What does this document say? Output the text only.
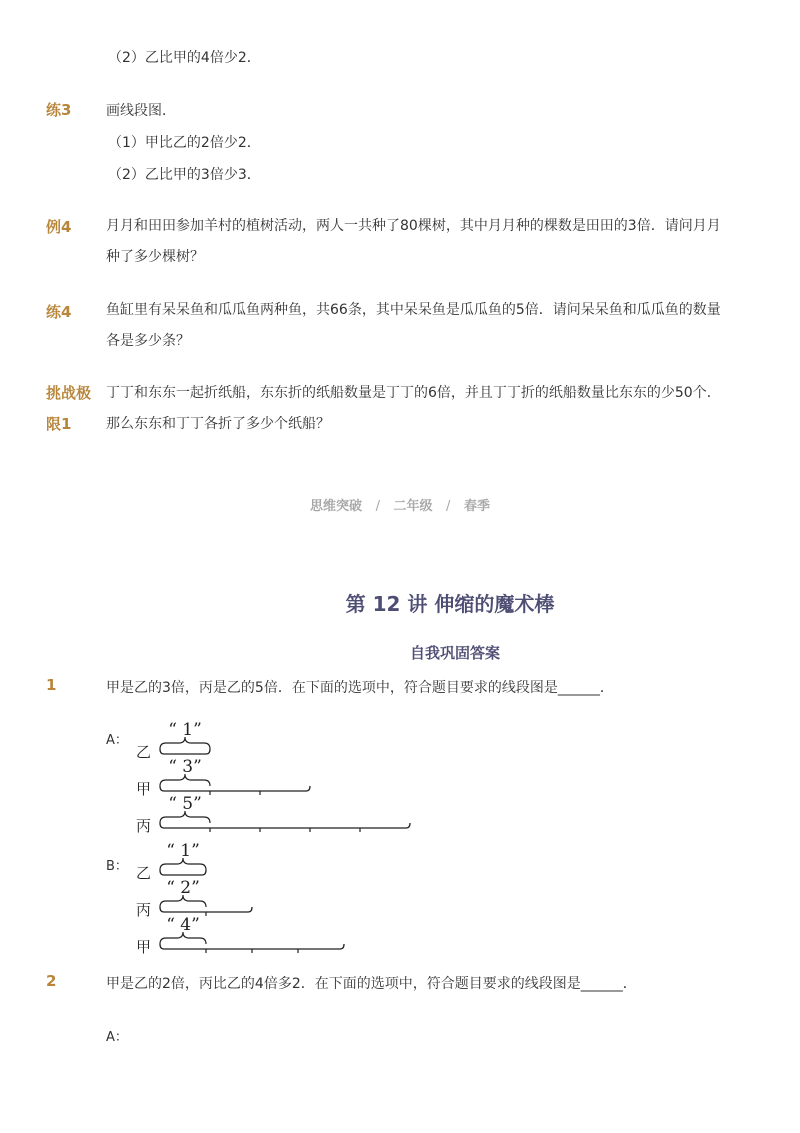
（2）乙比甲的4倍少2．
练3 画线段图．
（1）甲比乙的2倍少2．
（2）乙比甲的3倍少3．
例4 月月和田田参加羊村的植树活动，两人一共种了80棵树，其中月月种的棵数是田田的3倍．请问月月种了多少棵树？
练4 鱼缸里有呆呆鱼和瓜瓜鱼两种鱼，共66条，其中呆呆鱼是瓜瓜鱼的5倍．请问呆呆鱼和瓜瓜鱼的数量各是多少条？
挑战极限1
丁丁和东东一起折纸船，东东折的纸船数量是丁丁的6倍，并且丁丁折的纸船数量比东东的少50个．那么东东和丁丁各折了多少个纸船？
思维突破 / 二年级 / 春季
第 12 讲 伸缩的魔术棒
自我巩固答案
1	甲是乙的3倍，丙是乙的5倍．在下面的选项中，符合题目要求的线段图是______．
A：
乙
“ 1”
甲
“ 3”
丙
“ 5”
B： 乙
“ 1”
丙
“ 2”
甲
“ 4”
2	甲是乙的2倍，丙比乙的4倍多2．在下面的选项中，符合题目要求的线段图是______．
A：
